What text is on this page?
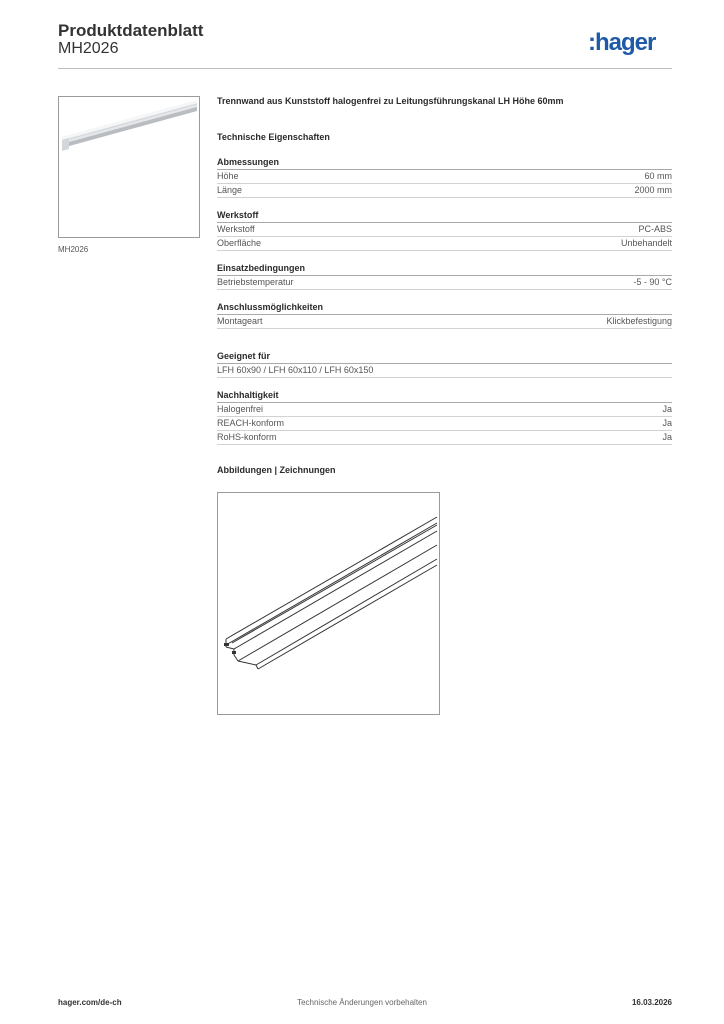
Produktdatenblatt
MH2026	:hager
MH2026
Trennwand aus Kunststoff halogenfrei zu Leitungsführungskanal LH Höhe 60mm
Technische Eigenschaften
Abmessungen
Höhe	60 mm
Länge	2000 mm
Werkstoff
Werkstoff	PC-ABS
Oberfläche	Unbehandelt
Einsatzbedingungen
Betriebstemperatur	-5 - 90 °C
Anschlussmöglichkeiten
Montageart	Klickbefestigung
Geeignet für
LFH 60x90 / LFH 60x110 / LFH 60x150
Nachhaltigkeit
Halogenfrei	Ja
REACH-konform	Ja
RoHS-konform	Ja
Abbildungen | Zeichnungen
hager.com/de-ch	Technische Änderungen vorbehalten	16.03.2026
